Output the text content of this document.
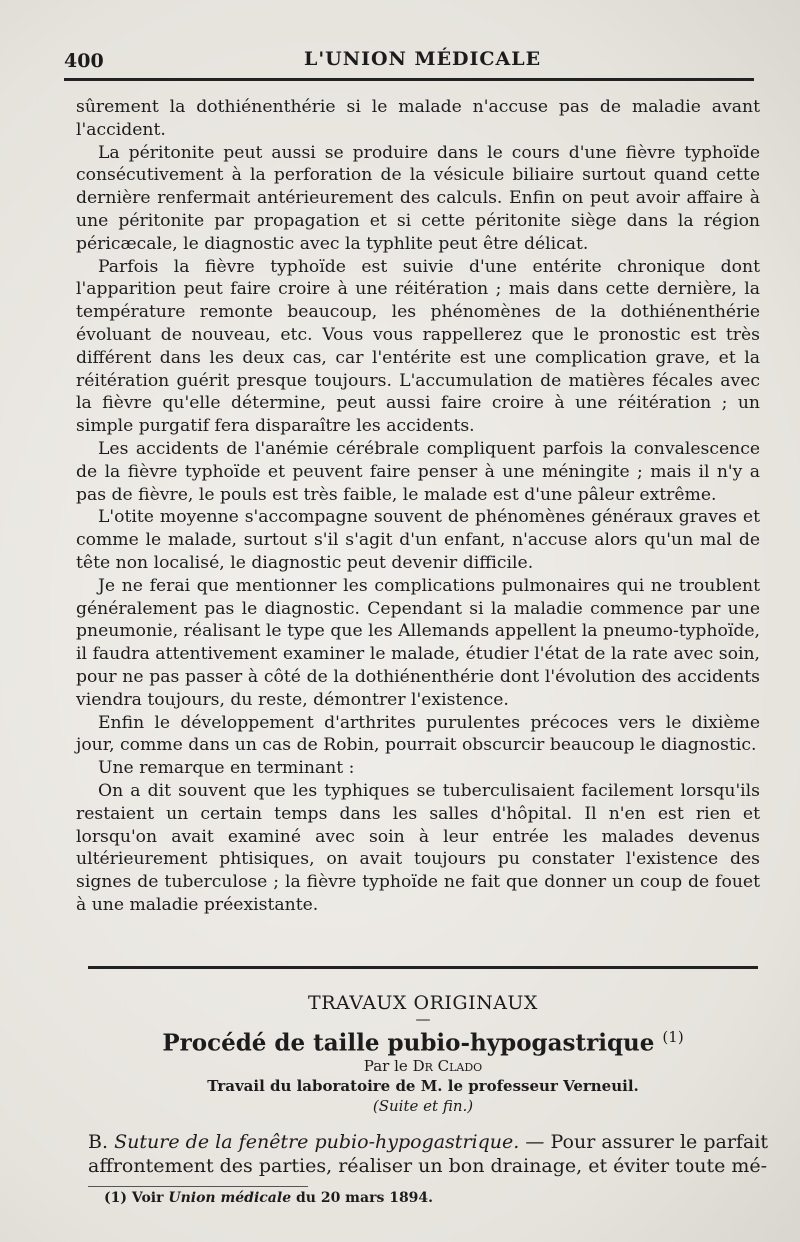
400	L'UNION MÉDICALE

sûrement la dothiénenthérie si le malade n'accuse pas de maladie avant l'accident.

La péritonite peut aussi se produire dans le cours d'une fièvre typhoïde consécutivement à la perforation de la vésicule biliaire surtout quand cette dernière renfermait antérieurement des calculs. Enfin on peut avoir affaire à une péritonite par propagation et si cette péritonite siège dans la région péricæcale, le diagnostic avec la typhlite peut être délicat.

Parfois la fièvre typhoïde est suivie d'une entérite chronique dont l'apparition peut faire croire à une réitération ; mais dans cette dernière, la température remonte beaucoup, les phénomènes de la dothiénenthérie évoluant de nouveau, etc. Vous vous rappellerez que le pronostic est très différent dans les deux cas, car l'entérite est une complication grave, et la réitération guérit presque toujours. L'accumulation de matières fécales avec la fièvre qu'elle détermine, peut aussi faire croire à une réitération ; un simple purgatif fera disparaître les accidents.

Les accidents de l'anémie cérébrale compliquent parfois la convalescence de la fièvre typhoïde et peuvent faire penser à une méningite ; mais il n'y a pas de fièvre, le pouls est très faible, le malade est d'une pâleur extrême.

L'otite moyenne s'accompagne souvent de phénomènes généraux graves et comme le malade, surtout s'il s'agit d'un enfant, n'accuse alors qu'un mal de tête non localisé, le diagnostic peut devenir difficile.

Je ne ferai que mentionner les complications pulmonaires qui ne troublent généralement pas le diagnostic. Cependant si la maladie commence par une pneumonie, réalisant le type que les Allemands appellent la pneumo-typhoïde, il faudra attentivement examiner le malade, étudier l'état de la rate avec soin, pour ne pas passer à côté de la dothiénenthérie dont l'évolution des accidents viendra toujours, du reste, démontrer l'existence.

Enfin le développement d'arthrites purulentes précoces vers le dixième jour, comme dans un cas de Robin, pourrait obscurcir beaucoup le diagnostic.

Une remarque en terminant :

On a dit souvent que les typhiques se tuberculisaient facilement lorsqu'ils restaient un certain temps dans les salles d'hôpital. Il n'en est rien et lorsqu'on avait examiné avec soin à leur entrée les malades devenus ultérieurement phtisiques, on avait toujours pu constater l'existence des signes de tuberculose ; la fièvre typhoïde ne fait que donner un coup de fouet à une maladie préexistante.

TRAVAUX ORIGINAUX
—
Procédé de taille pubio-hypogastrique $^{(1)}$
Par le Dr Clado
Travail du laboratoire de M. le professeur Verneuil.
(Suite et fin.)

B. Suture de la fenêtre pubio-hypogastrique. — Pour assurer le parfait affrontement des parties, réaliser un bon drainage, et éviter toute mé-

(1) Voir Union médicale du 20 mars 1894.
